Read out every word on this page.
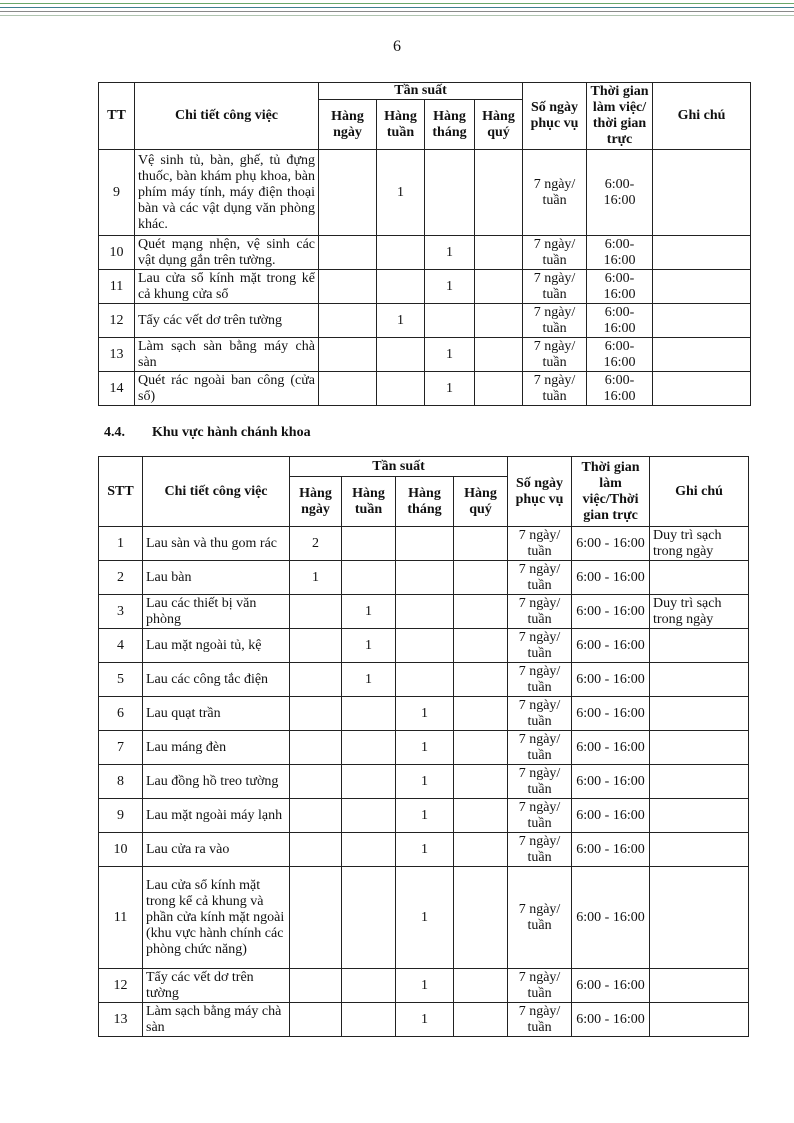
6
TT	Chi tiết công việc	Tần suất				Số ngày phục vụ	Thời gian làm việc/ thời gian trực	Ghi chú
		Hàng ngày	Hàng tuần	Hàng tháng	Hàng quý			
9	Vệ sinh tủ, bàn, ghế, tủ đựng thuốc, bàn khám phụ khoa, bàn phím máy tính, máy điện thoại bàn và các vật dụng văn phòng khác.		1			7 ngày/ tuần	6:00- 16:00	
10	Quét mạng nhện, vệ sinh các vật dụng gắn trên tường.			1		7 ngày/ tuần	6:00- 16:00	
11	Lau cửa sổ kính mặt trong kể cả khung cửa sổ			1		7 ngày/ tuần	6:00- 16:00	
12	Tẩy các vết dơ trên tường		1			7 ngày/ tuần	6:00- 16:00	
13	Làm sạch sàn bằng máy chà sàn			1		7 ngày/ tuần	6:00- 16:00	
14	Quét rác ngoài ban công (cửa sổ)			1		7 ngày/ tuần	6:00- 16:00	
4.4. Khu vực hành chánh khoa
STT	Chi tiết công việc	Tần suất				Số ngày phục vụ	Thời gian làm việc/Thời gian trực	Ghi chú
		Hàng ngày	Hàng tuần	Hàng tháng	Hàng quý			
1	Lau sàn và thu gom rác	2				7 ngày/ tuần	6:00 - 16:00	Duy trì sạch trong ngày
2	Lau bàn	1				7 ngày/ tuần	6:00 - 16:00	
3	Lau các thiết bị văn phòng		1			7 ngày/ tuần	6:00 - 16:00	Duy trì sạch trong ngày
4	Lau mặt ngoài tủ, kệ		1			7 ngày/ tuần	6:00 - 16:00	
5	Lau các công tắc điện		1			7 ngày/ tuần	6:00 - 16:00	
6	Lau quạt trần			1		7 ngày/ tuần	6:00 - 16:00	
7	Lau máng đèn			1		7 ngày/ tuần	6:00 - 16:00	
8	Lau đồng hồ treo tường			1		7 ngày/ tuần	6:00 - 16:00	
9	Lau mặt ngoài máy lạnh			1		7 ngày/ tuần	6:00 - 16:00	
10	Lau cửa ra vào			1		7 ngày/ tuần	6:00 - 16:00	
11	Lau cửa sổ kính mặt trong kể cả khung và phần cửa kính mặt ngoài (khu vực hành chính các phòng chức năng)			1		7 ngày/ tuần	6:00 - 16:00	
12	Tẩy các vết dơ trên tường			1		7 ngày/ tuần	6:00 - 16:00	
13	Làm sạch bằng máy chà sàn			1		7 ngày/ tuần	6:00 - 16:00	
